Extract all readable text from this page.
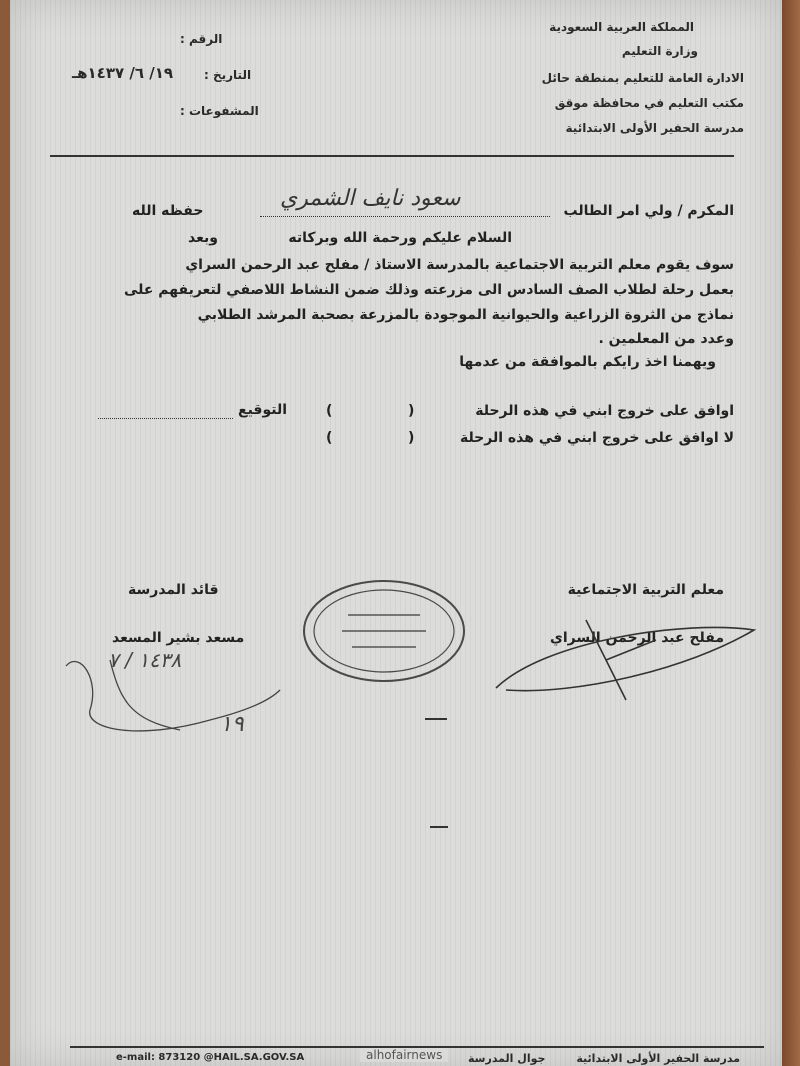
المملكة العربية السعودية
وزارة التعليم
الادارة العامة للتعليم بمنطقة حائل
مكتب التعليم في محافظة موقق
مدرسة الحفير الأولى الابتدائية
الرقم :
التاريخ :
١٩/ ٦/ ١٤٣٧هـ
المشفوعات :
المكرم / ولي امر الطالب
سعود نايف الشمري
حفظه الله
السلام عليكم ورحمة الله وبركاته
وبعد
سوف يقوم معلم التربية الاجتماعية بالمدرسة الاستاذ / مفلح عبد الرحمن السراي
بعمل رحلة لطلاب الصف السادس الى مزرعته وذلك ضمن النشاط اللاصفي لتعريفهم على
نماذج من الثروة الزراعية والحيوانية الموجودة بالمزرعة بصحبة المرشد الطلابي
وعدد من المعلمين .
ويهمنا اخذ رايكم بالموافقة من عدمها
اوافق على خروج ابني في هذه الرحلة
(
)
التوقيع
لا اوافق على خروج ابني في هذه الرحلة
(
)
معلم التربية الاجتماعية
قائد المدرسة
مفلح عبد الرحمن السراي
مسعد بشير المسعد
١٤٣٨ / ٧
١٩
مدرسة الحفير الأولى الابتدائية
جوال المدرسة
e-mail: 873120 @HAIL.SA.GOV.SA	alhofairnews
